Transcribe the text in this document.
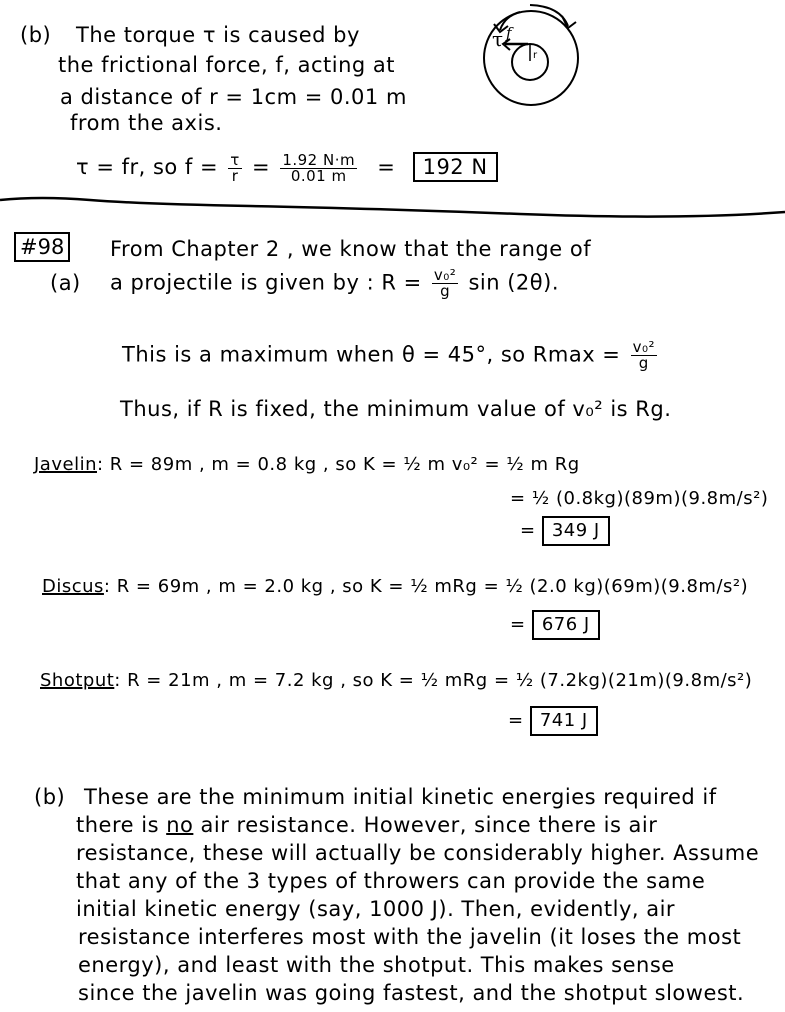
(b) The torque τ is caused by
the frictional force, f, acting at
a distance of r = 1cm = 0.01 m
from the axis.
τ = fr, so $f = \frac{\tau}{r} = \frac{1.92 N\cdot m}{0.01 m} = 192$ N
τ f
r
#98
(a)
From Chapter 2 , we know that the range of
a projectile is given by : $R = \frac{\text{v₀²}}{g}$ sin (2θ).
This is a maximum when θ = 45°, so $Rmax = \frac{\text{v₀²}}{g}$
Thus, if R is fixed, the minimum value of v₀² is Rg.
Javelin: R = 89m , m = 0.8 kg , so K = ½ m v₀² = ½ m Rg
= ½ (0.8kg)(89m)(9.8m/s²)
= 349 J
Discus: R = 69m , m = 2.0 kg , so K = ½ mRg = ½ (2.0 kg)(69m)(9.8m/s²)
= 676 J
Shotput: R = 21m , m = 7.2 kg , so K = ½ mRg = ½ (7.2kg)(21m)(9.8m/s²)
= 741 J
(b) These are the minimum initial kinetic energies required if
there is no air resistance. However, since there is air
resistance, these will actually be considerably higher. Assume
that any of the 3 types of throwers can provide the same
initial kinetic energy (say, 1000 J). Then, evidently, air
resistance interferes most with the javelin (it loses the most
energy), and least with the shotput. This makes sense
since the javelin was going fastest, and the shotput slowest.
